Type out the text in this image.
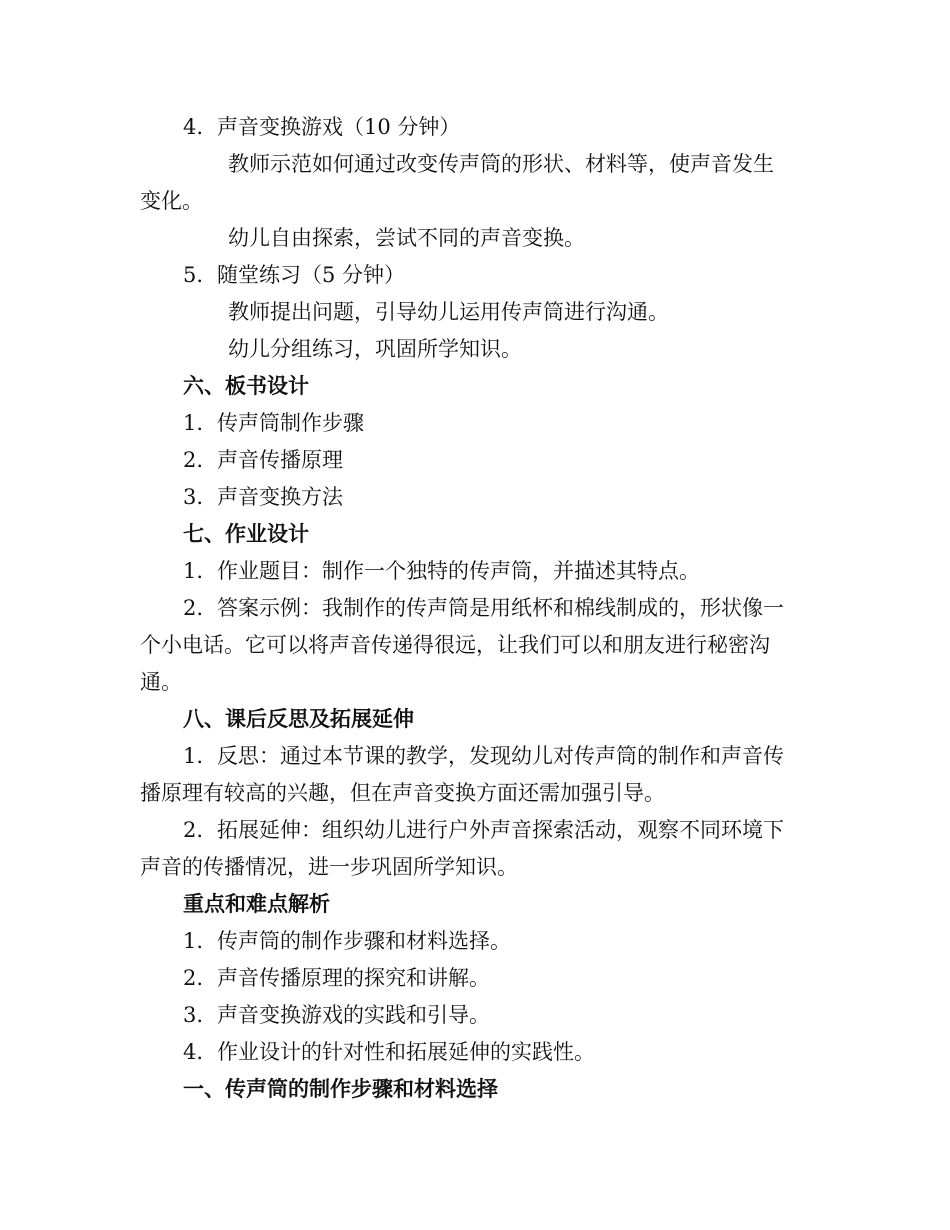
4. 声音变换游戏（10 分钟）
教师示范如何通过改变传声筒的形状、材料等，使声音发生
变化。
幼儿自由探索，尝试不同的声音变换。
5. 随堂练习（5 分钟）
教师提出问题，引导幼儿运用传声筒进行沟通。
幼儿分组练习，巩固所学知识。
六、板书设计
1. 传声筒制作步骤
2. 声音传播原理
3. 声音变换方法
七、作业设计
1. 作业题目：制作一个独特的传声筒，并描述其特点。
2. 答案示例：我制作的传声筒是用纸杯和棉线制成的，形状像一
个小电话。它可以将声音传递得很远，让我们可以和朋友进行秘密沟
通。
八、课后反思及拓展延伸
1. 反思：通过本节课的教学，发现幼儿对传声筒的制作和声音传
播原理有较高的兴趣，但在声音变换方面还需加强引导。
2. 拓展延伸：组织幼儿进行户外声音探索活动，观察不同环境下
声音的传播情况，进一步巩固所学知识。
重点和难点解析
1. 传声筒的制作步骤和材料选择。
2. 声音传播原理的探究和讲解。
3. 声音变换游戏的实践和引导。
4. 作业设计的针对性和拓展延伸的实践性。
一、传声筒的制作步骤和材料选择
